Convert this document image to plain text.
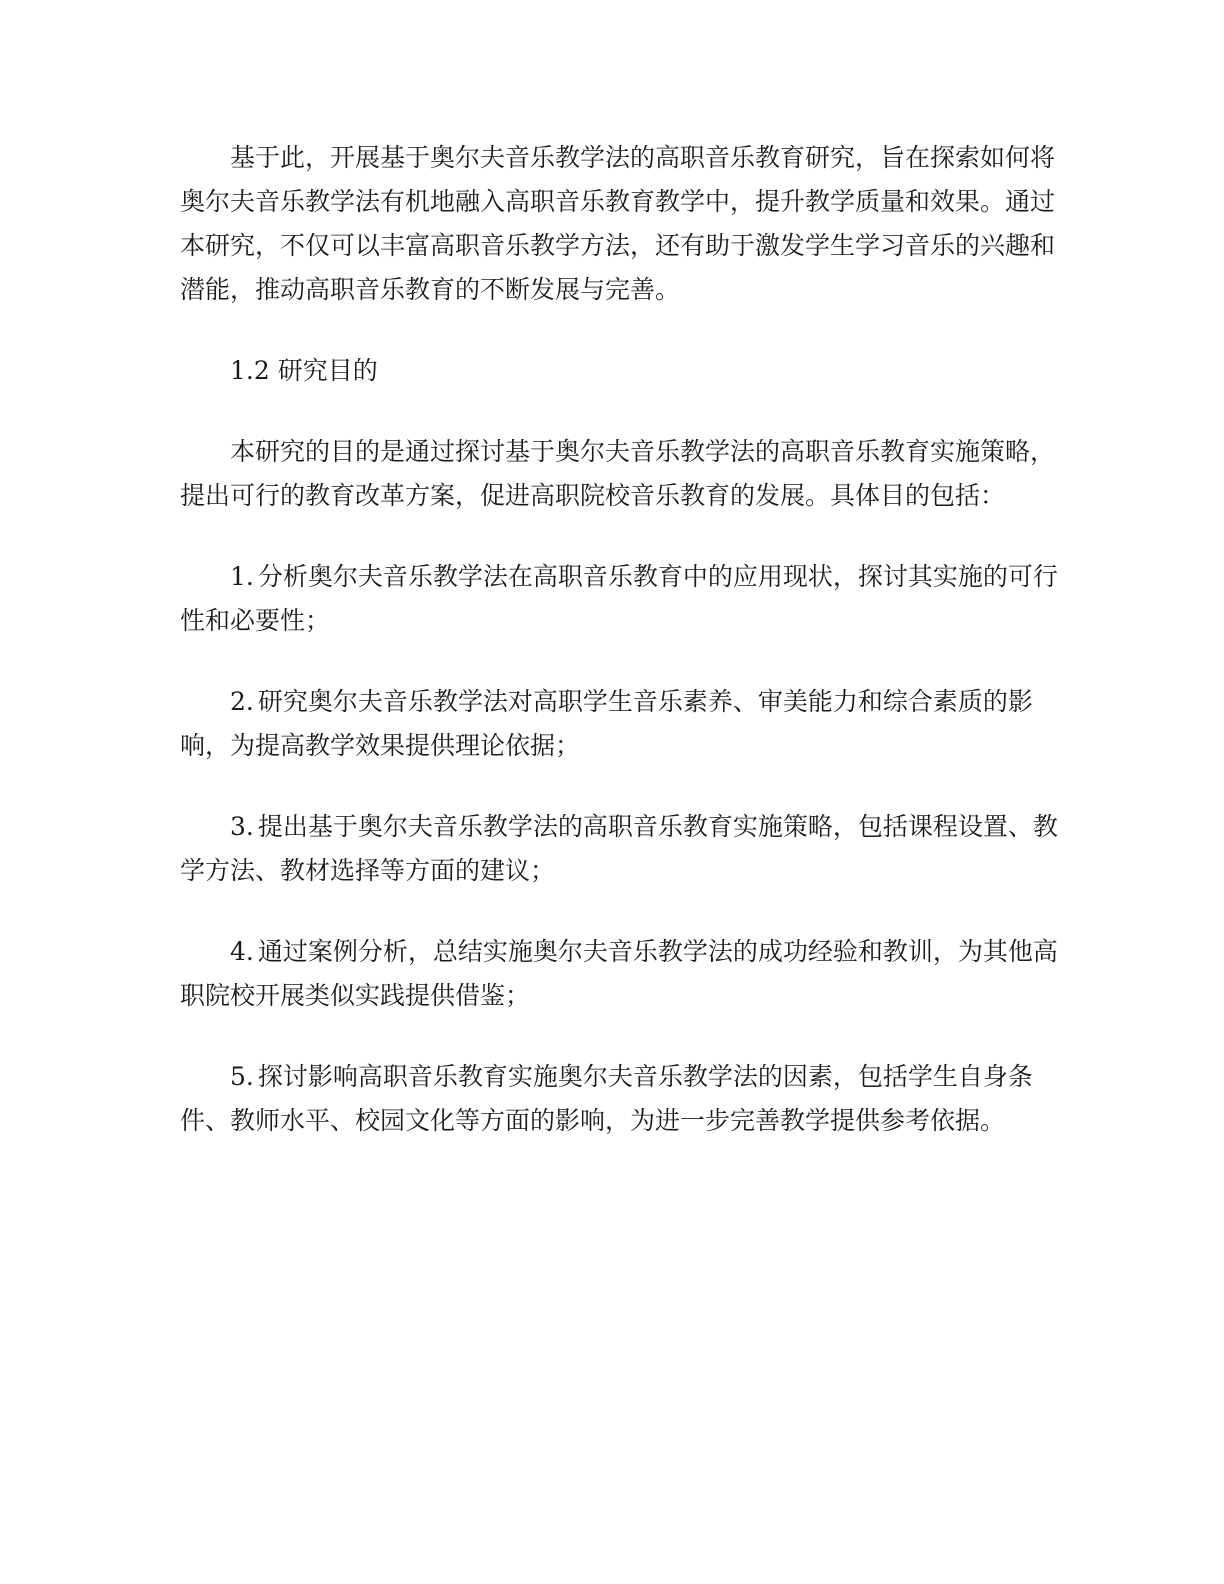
基于此，开展基于奥尔夫音乐教学法的高职音乐教育研究，旨在探索如何将奥尔夫音乐教学法有机地融入高职音乐教育教学中，提升教学质量和效果。通过本研究，不仅可以丰富高职音乐教学方法，还有助于激发学生学习音乐的兴趣和潜能，推动高职音乐教育的不断发展与完善。

1.2 研究目的

本研究的目的是通过探讨基于奥尔夫音乐教学法的高职音乐教育实施策略，提出可行的教育改革方案，促进高职院校音乐教育的发展。具体目的包括：

1. 分析奥尔夫音乐教学法在高职音乐教育中的应用现状，探讨其实施的可行性和必要性；

2. 研究奥尔夫音乐教学法对高职学生音乐素养、审美能力和综合素质的影响，为提高教学效果提供理论依据；

3. 提出基于奥尔夫音乐教学法的高职音乐教育实施策略，包括课程设置、教学方法、教材选择等方面的建议；

4. 通过案例分析，总结实施奥尔夫音乐教学法的成功经验和教训，为其他高职院校开展类似实践提供借鉴；

5. 探讨影响高职音乐教育实施奥尔夫音乐教学法的因素，包括学生自身条件、教师水平、校园文化等方面的影响，为进一步完善教学提供参考依据。
